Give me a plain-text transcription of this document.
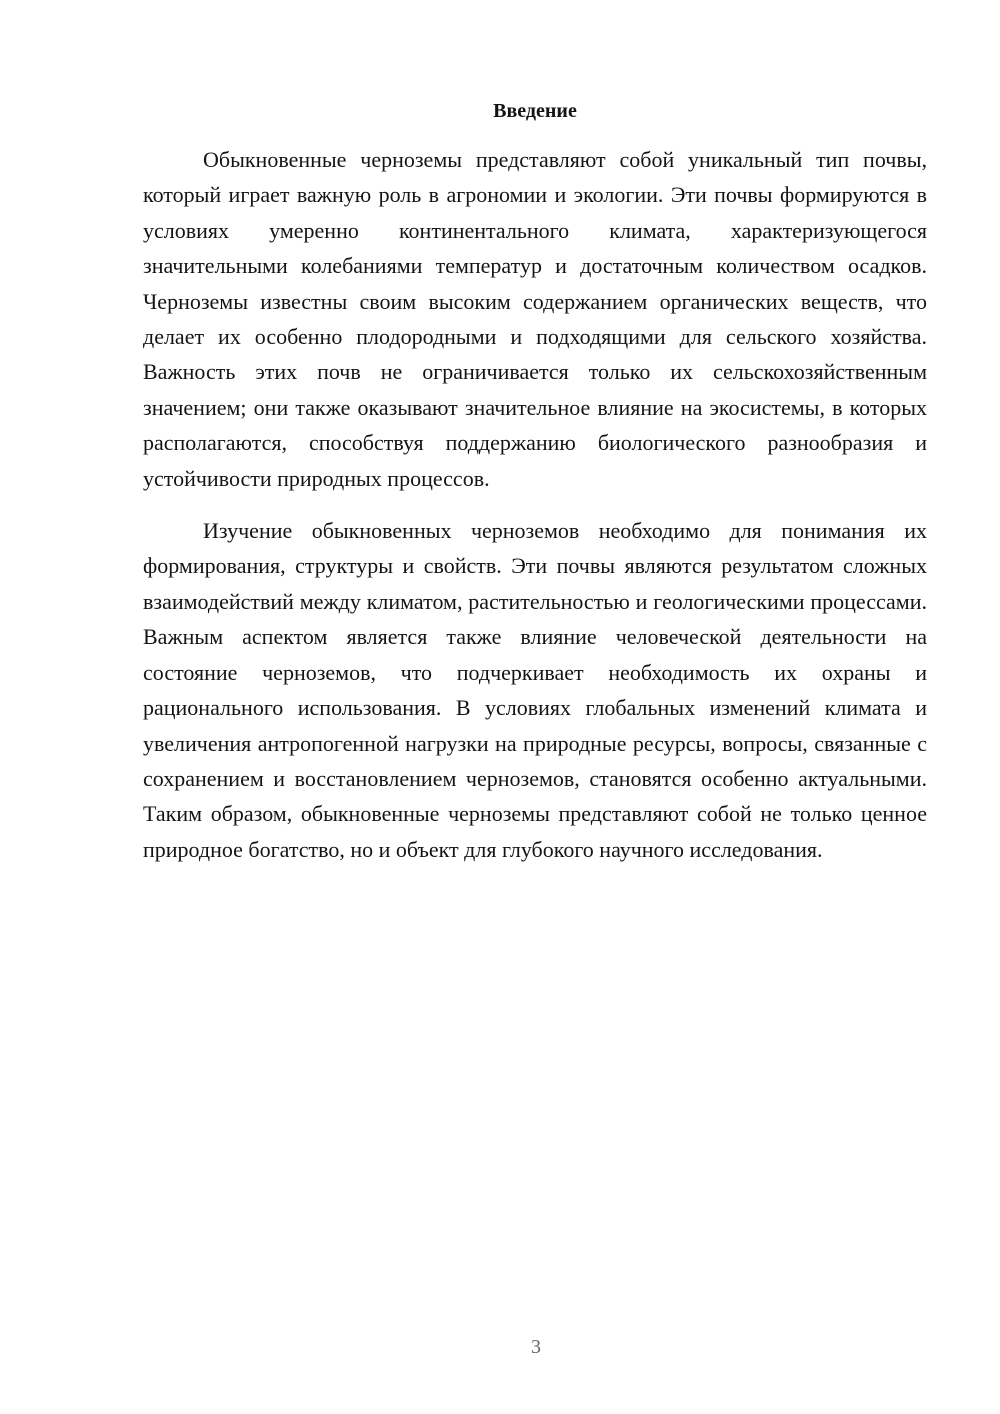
Введение

Обыкновенные черноземы представляют собой уникальный тип почвы, который играет важную роль в агрономии и экологии. Эти почвы формируются в условиях умеренно континентального климата, характеризующегося значительными колебаниями температур и достаточным количеством осадков. Черноземы известны своим высоким содержанием органических веществ, что делает их особенно плодородными и подходящими для сельского хозяйства. Важность этих почв не ограничивается только их сельскохозяйственным значением; они также оказывают значительное влияние на экосистемы, в которых располагаются, способствуя поддержанию биологического разнообразия и устойчивости природных процессов.

Изучение обыкновенных черноземов необходимо для понимания их формирования, структуры и свойств. Эти почвы являются результатом сложных взаимодействий между климатом, растительностью и геологическими процессами. Важным аспектом является также влияние человеческой деятельности на состояние черноземов, что подчеркивает необходимость их охраны и рационального использования. В условиях глобальных изменений климата и увеличения антропогенной нагрузки на природные ресурсы, вопросы, связанные с сохранением и восстановлением черноземов, становятся особенно актуальными. Таким образом, обыкновенные черноземы представляют собой не только ценное природное богатство, но и объект для глубокого научного исследования.

3
